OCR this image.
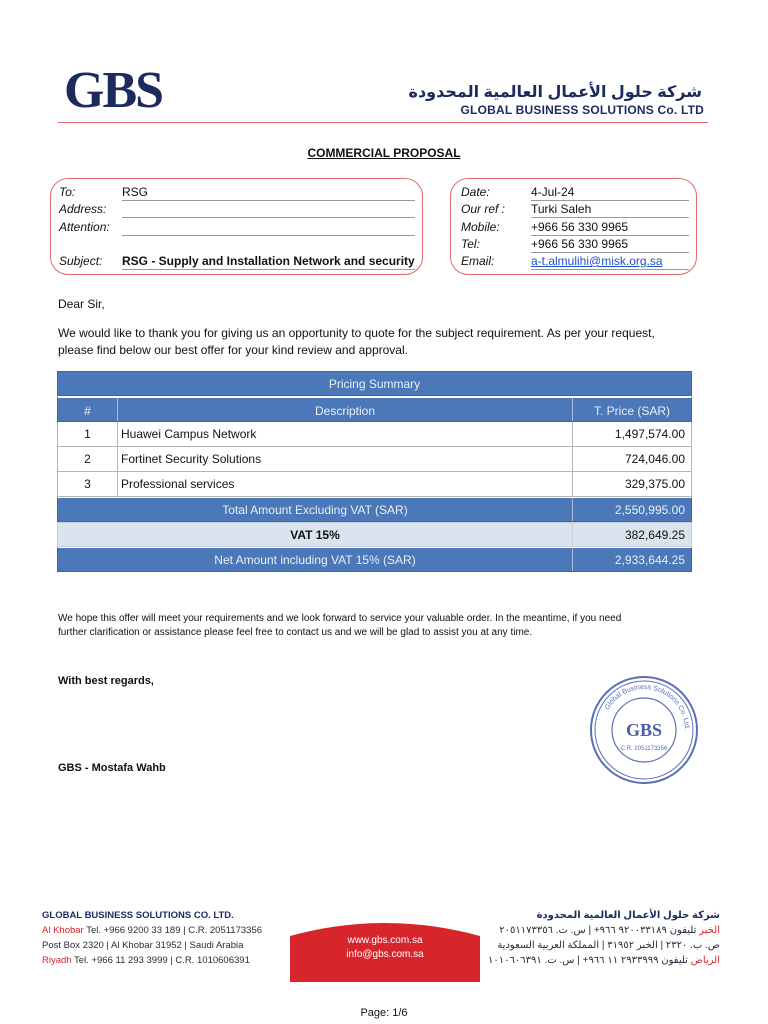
GBS	شركة حلول الأعمال العالمية المحدودة
GLOBAL BUSINESS SOLUTIONS Co. LTD
COMMERCIAL PROPOSAL
To:	RSG
Address:
Attention:
Subject: RSG - Supply and Installation Network and security
Date:	4-Jul-24
Our ref : Turki Saleh
Mobile:	+966 56 330 9965
Tel:	+966 56 330 9965
Email:	a-t.almulihi@misk.org.sa
Dear Sir,
We would like to thank you for giving us an opportunity to quote for the subject requirement. As per your request,
please find below our best offer for your kind review and approval.
Pricing Summary
#	Description	T. Price (SAR)
1	Huawei Campus Network	1,497,574.00
2	Fortinet Security Solutions	724,046.00
3	Professional services	329,375.00
Total Amount Excluding VAT (SAR)	2,550,995.00
VAT 15%	382,649.25
Net Amount including VAT 15% (SAR)	2,933,644.25
We hope this offer will meet your requirements and we look forward to service your valuable order. In the meantime, if you need
further clarification or assistance please feel free to contact us and we will be glad to assist you at any time.
With best regards,
GBS - Mostafa Wahb
Global Business Solutions Co. Ltd.
GBS
C.R. 2051173356
GLOBAL BUSINESS SOLUTIONS CO. LTD.
Al Khobar Tel. +966 9200 33 189 | C.R. 2051173356
Post Box 2320 | Al Khobar 31952 | Saudi Arabia
Riyadh Tel. +966 11 293 3999 | C.R. 1010606391
www.gbs.com.sa
info@gbs.com.sa
شركة حلول الأعمال العالمية المحدودة
الخبر تليفون ٩٢٠٠٣٣١٨٩ ٩٦٦+ | س. ت. ٢٠٥١١٧٣٣٥٦
ص. ب. ٢٣٢٠ | الخبر ٣١٩٥٢ | المملكة العربية السعودية
الرياض تليفون ٢٩٣٣٩٩٩ ١١ ٩٦٦+ | س. ت. ١٠١٠٦٠٦٣٩١
Page: 1/6
